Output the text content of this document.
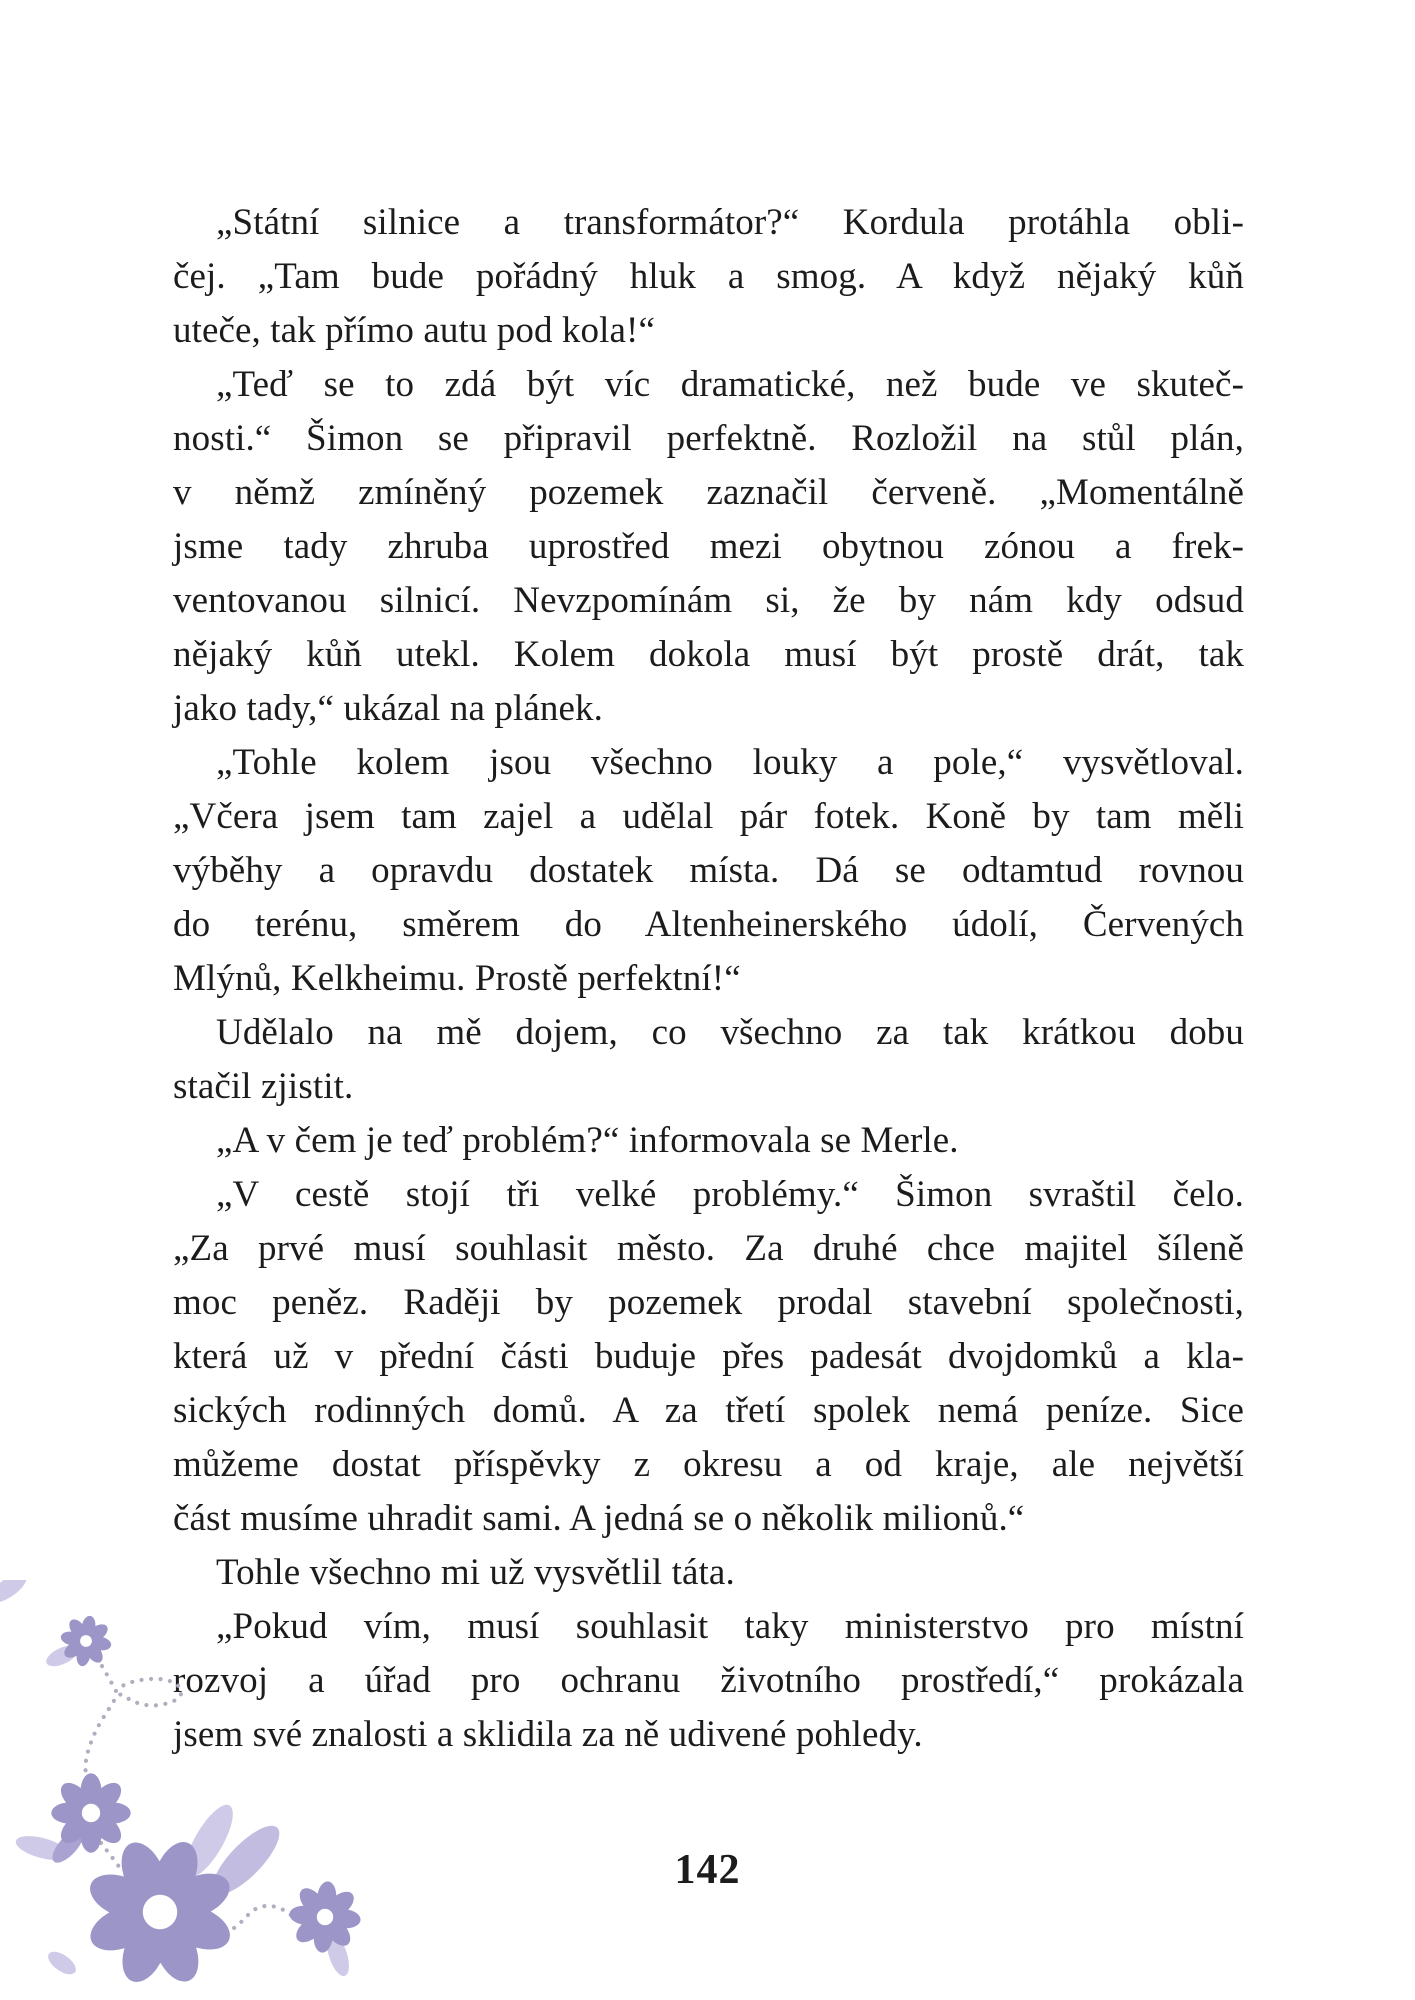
„Státní silnice a transformátor?“ Kordula protáhla obli-
čej. „Tam bude pořádný hluk a smog. A když nějaký kůň
uteče, tak přímo autu pod kola!“
„Teď se to zdá být víc dramatické, než bude ve skuteč-
nosti.“ Šimon se připravil perfektně. Rozložil na stůl plán,
v němž zmíněný pozemek zaznačil červeně. „Momentálně
jsme tady zhruba uprostřed mezi obytnou zónou a frek-
ventovanou silnicí. Nevzpomínám si, že by nám kdy odsud
nějaký kůň utekl. Kolem dokola musí být prostě drát, tak
jako tady,“ ukázal na plánek.
„Tohle kolem jsou všechno louky a pole,“ vysvětloval.
„Včera jsem tam zajel a udělal pár fotek. Koně by tam měli
výběhy a opravdu dostatek místa. Dá se odtamtud rovnou
do terénu, směrem do Altenheinerského údolí, Červených
Mlýnů, Kelkheimu. Prostě perfektní!“
Udělalo na mě dojem, co všechno za tak krátkou dobu
stačil zjistit.
„A v čem je teď problém?“ informovala se Merle.
„V cestě stojí tři velké problémy.“ Šimon svraštil čelo.
„Za prvé musí souhlasit město. Za druhé chce majitel šíleně
moc peněz. Raději by pozemek prodal stavební společnosti,
která už v přední části buduje přes padesát dvojdomků a kla-
sických rodinných domů. A za třetí spolek nemá peníze. Sice
můžeme dostat příspěvky z okresu a od kraje, ale největší
část musíme uhradit sami. A jedná se o několik milionů.“
Tohle všechno mi už vysvětlil táta.
„Pokud vím, musí souhlasit taky ministerstvo pro místní
rozvoj a úřad pro ochranu životního prostředí,“ prokázala
jsem své znalosti a sklidila za ně udivené pohledy.
142
